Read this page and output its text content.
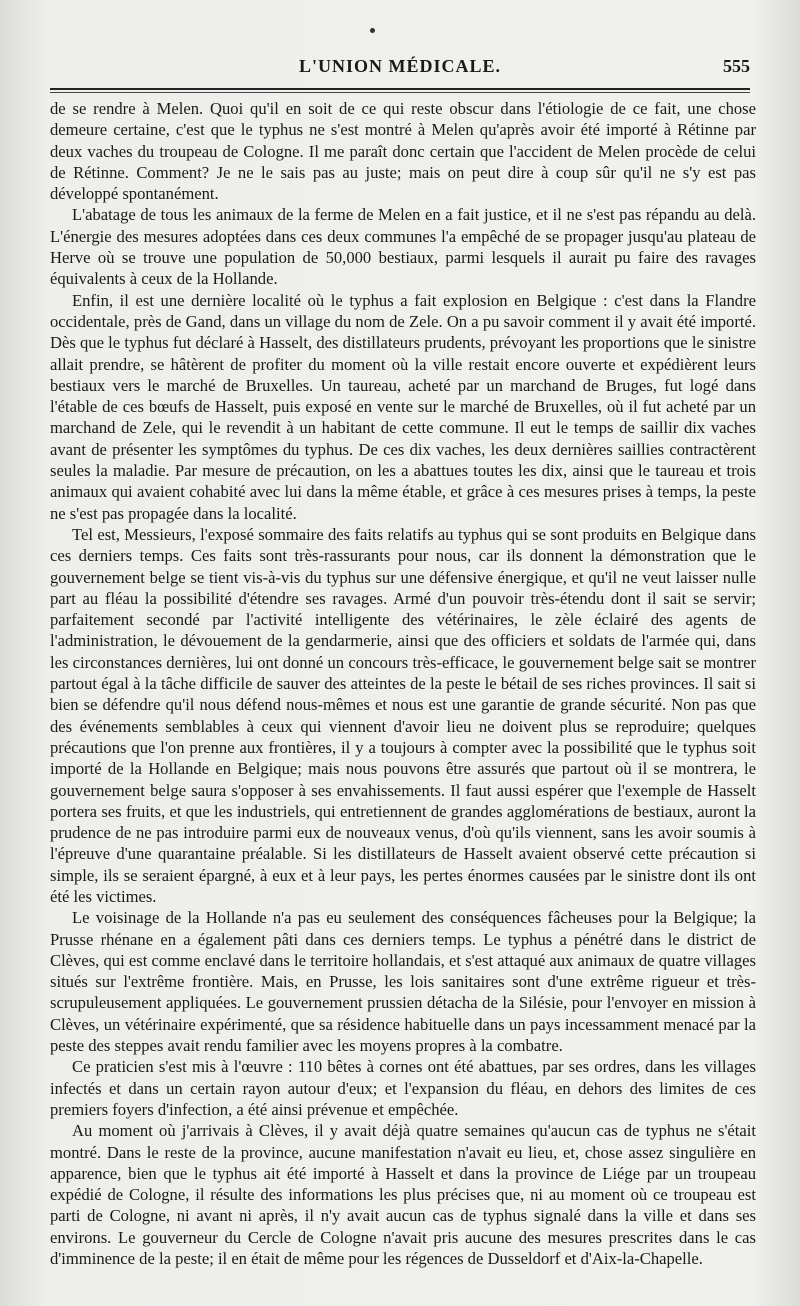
L'UNION MÉDICALE.	555

de se rendre à Melen. Quoi qu'il en soit de ce qui reste obscur dans l'étiologie de ce fait, une chose demeure certaine, c'est que le typhus ne s'est montré à Melen qu'après avoir été importé à Rétinne par deux vaches du troupeau de Cologne. Il me paraît donc certain que l'accident de Melen procède de celui de Rétinne. Comment? Je ne le sais pas au juste; mais on peut dire à coup sûr qu'il ne s'y est pas développé spontanément.

L'abatage de tous les animaux de la ferme de Melen en a fait justice, et il ne s'est pas répandu au delà. L'énergie des mesures adoptées dans ces deux communes l'a empêché de se propager jusqu'au plateau de Herve où se trouve une population de 50,000 bestiaux, parmi lesquels il aurait pu faire des ravages équivalents à ceux de la Hollande.

Enfin, il est une dernière localité où le typhus a fait explosion en Belgique : c'est dans la Flandre occidentale, près de Gand, dans un village du nom de Zele. On a pu savoir comment il y avait été importé. Dès que le typhus fut déclaré à Hasselt, des distillateurs prudents, prévoyant les proportions que le sinistre allait prendre, se hâtèrent de profiter du moment où la ville restait encore ouverte et expédièrent leurs bestiaux vers le marché de Bruxelles. Un taureau, acheté par un marchand de Bruges, fut logé dans l'étable de ces bœufs de Hasselt, puis exposé en vente sur le marché de Bruxelles, où il fut acheté par un marchand de Zele, qui le revendit à un habitant de cette commune. Il eut le temps de saillir dix vaches avant de présenter les symptômes du typhus. De ces dix vaches, les deux dernières saillies contractèrent seules la maladie. Par mesure de précaution, on les a abattues toutes les dix, ainsi que le taureau et trois animaux qui avaient cohabité avec lui dans la même étable, et grâce à ces mesures prises à temps, la peste ne s'est pas propagée dans la localité.

Tel est, Messieurs, l'exposé sommaire des faits relatifs au typhus qui se sont produits en Belgique dans ces derniers temps. Ces faits sont très-rassurants pour nous, car ils donnent la démonstration que le gouvernement belge se tient vis-à-vis du typhus sur une défensive énergique, et qu'il ne veut laisser nulle part au fléau la possibilité d'étendre ses ravages. Armé d'un pouvoir très-étendu dont il sait se servir; parfaitement secondé par l'activité intelligente des vétérinaires, le zèle éclairé des agents de l'administration, le dévouement de la gendarmerie, ainsi que des officiers et soldats de l'armée qui, dans les circonstances dernières, lui ont donné un concours très-efficace, le gouvernement belge sait se montrer partout égal à la tâche difficile de sauver des atteintes de la peste le bétail de ses riches provinces. Il sait si bien se défendre qu'il nous défend nous-mêmes et nous est une garantie de grande sécurité. Non pas que des événements semblables à ceux qui viennent d'avoir lieu ne doivent plus se reproduire; quelques précautions que l'on prenne aux frontières, il y a toujours à compter avec la possibilité que le typhus soit importé de la Hollande en Belgique; mais nous pouvons être assurés que partout où il se montrera, le gouvernement belge saura s'opposer à ses envahissements. Il faut aussi espérer que l'exemple de Hasselt portera ses fruits, et que les industriels, qui entretiennent de grandes agglomérations de bestiaux, auront la prudence de ne pas introduire parmi eux de nouveaux venus, d'où qu'ils viennent, sans les avoir soumis à l'épreuve d'une quarantaine préalable. Si les distillateurs de Hasselt avaient observé cette précaution si simple, ils se seraient épargné, à eux et à leur pays, les pertes énormes causées par le sinistre dont ils ont été les victimes.

Le voisinage de la Hollande n'a pas eu seulement des conséquences fâcheuses pour la Belgique; la Prusse rhénane en a également pâti dans ces derniers temps. Le typhus a pénétré dans le district de Clèves, qui est comme enclavé dans le territoire hollandais, et s'est attaqué aux animaux de quatre villages situés sur l'extrême frontière. Mais, en Prusse, les lois sanitaires sont d'une extrême rigueur et très-scrupuleusement appliquées. Le gouvernement prussien détacha de la Silésie, pour l'envoyer en mission à Clèves, un vétérinaire expérimenté, que sa résidence habituelle dans un pays incessamment menacé par la peste des steppes avait rendu familier avec les moyens propres à la combatre.

Ce praticien s'est mis à l'œuvre : 110 bêtes à cornes ont été abattues, par ses ordres, dans les villages infectés et dans un certain rayon autour d'eux; et l'expansion du fléau, en dehors des limites de ces premiers foyers d'infection, a été ainsi prévenue et empêchée.

Au moment où j'arrivais à Clèves, il y avait déjà quatre semaines qu'aucun cas de typhus ne s'était montré. Dans le reste de la province, aucune manifestation n'avait eu lieu, et, chose assez singulière en apparence, bien que le typhus ait été importé à Hasselt et dans la province de Liége par un troupeau expédié de Cologne, il résulte des informations les plus précises que, ni au moment où ce troupeau est parti de Cologne, ni avant ni après, il n'y avait aucun cas de typhus signalé dans la ville et dans ses environs. Le gouverneur du Cercle de Cologne n'avait pris aucune des mesures prescrites dans le cas d'imminence de la peste; il en était de même pour les régences de Dusseldorf et d'Aix-la-Chapelle.
